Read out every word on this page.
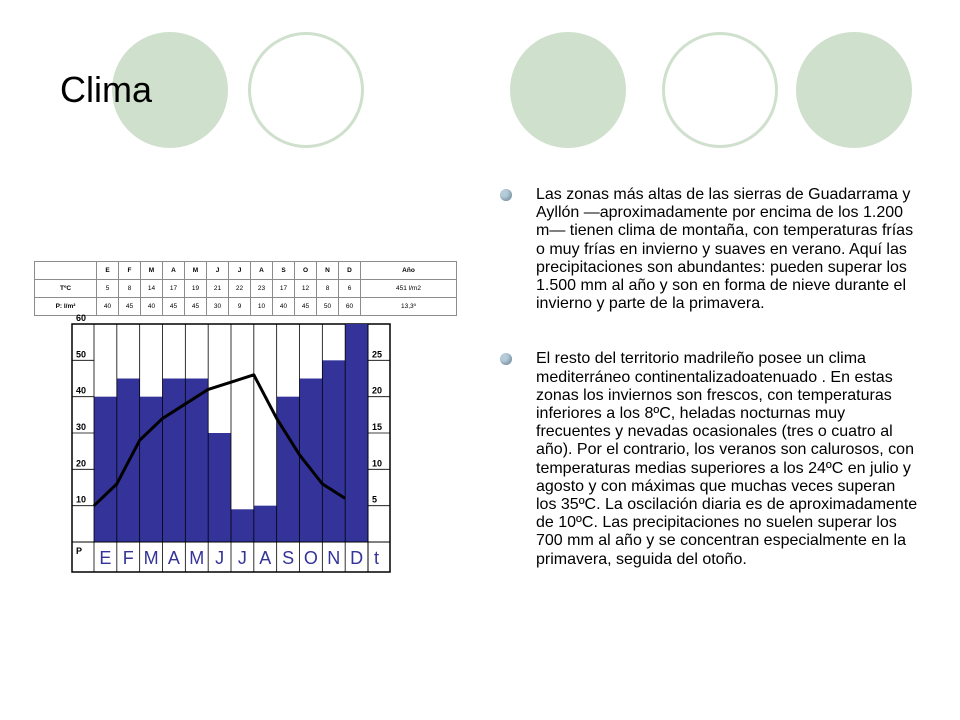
Clima
	E	F	M	A	M	J	J	A	S	O	N	D	Año
TºC	5	8	14	17	19	21	22	23	17	12	8	6	451 l/m2
P: l/m²	40	45	40	45	45	30	9	10	40	45	50	60	13,3º
10
20
30
40
50
60
5
10
15
20
25
P	t
E F M A M J J A S O N D
Las zonas más altas de las sierras de Guadarrama y Ayllón —aproximadamente por encima de los 1.200 m— tienen clima de montaña, con temperaturas frías o muy frías en invierno y suaves en verano. Aquí las precipitaciones son abundantes: pueden superar los 1.500 mm al año y son en forma de nieve durante el invierno y parte de la primavera.
El resto del territorio madrileño posee un clima mediterráneo continentalizadoatenuado . En estas zonas los inviernos son frescos, con temperaturas inferiores a los 8ºC, heladas nocturnas muy frecuentes y nevadas ocasionales (tres o cuatro al año). Por el contrario, los veranos son calurosos, con temperaturas medias superiores a los 24ºC en julio y agosto y con máximas que muchas veces superan los 35ºC. La oscilación diaria es de aproximadamente de 10ºC. Las precipitaciones no suelen superar los 700 mm al año y se concentran especialmente en la primavera, seguida del otoño.
